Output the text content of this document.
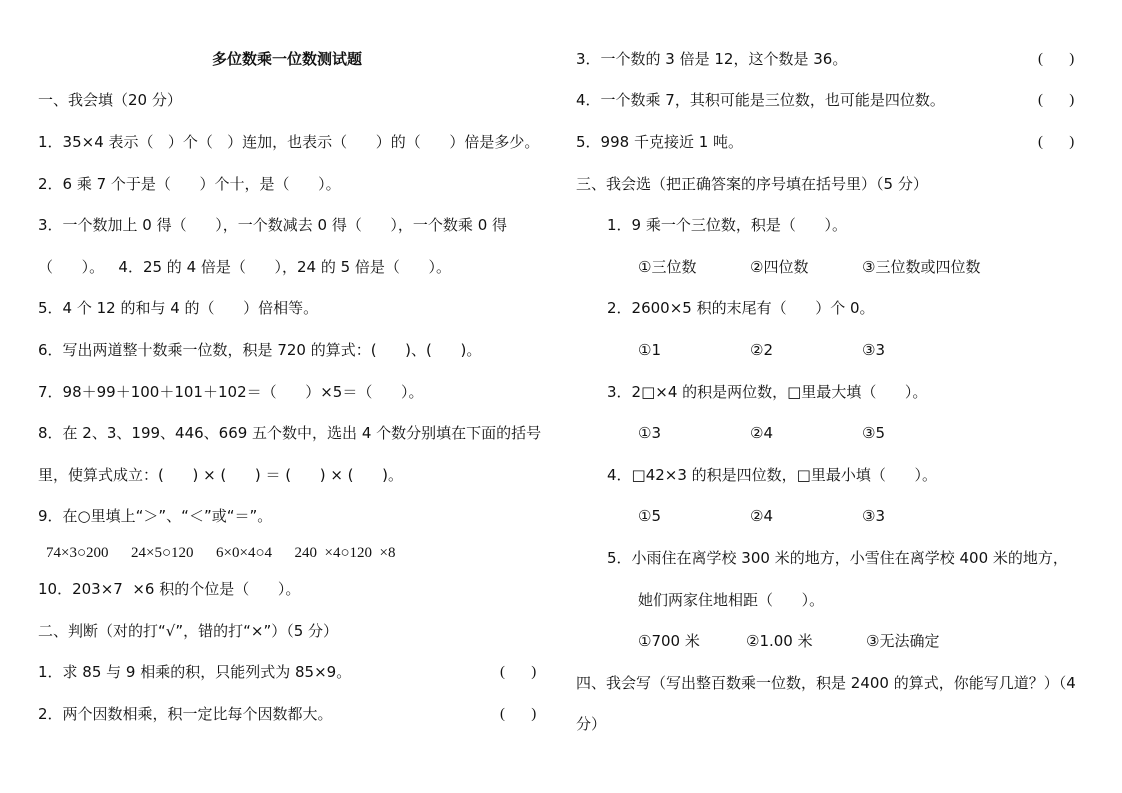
多位数乘一位数测试题
一、我会填（20 分）
1．35×4 表示（   ）个（   ）连加，也表示（      ）的（      ）倍是多少。
2．6 乘 7 个于是（      ）个十，是（      ）。
3．一个数加上 0 得（      ），一个数减去 0 得（      ），一个数乘 0 得
（      ）。   4．25 的 4 倍是（      ），24 的 5 倍是（      ）。
5．4 个 12 的和与 4 的（      ）倍相等。
6．写出两道整十数乘一位数，积是 720 的算式：(      )、(      )。
7．98＋99＋100＋101＋102＝（      ）×5＝（      ）。
8．在 2、3、199、446、669 五个数中，选出 4 个数分别填在下面的括号
里，使算式成立：(      ) × (      ) ＝ (      ) × (      )。
9．在○里填上“＞”、“＜”或“＝”。
74×3○200      24×5○120      6×0×4○4      240  ×4○120  ×8
10．203×7  ×6 积的个位是（      ）。
二、判断（对的打“√”，错的打“×”）（5 分）
1．求 85 与 9 相乘的积，只能列式为 85×9。	(       )
2．两个因数相乘，积一定比每个因数都大。	(       )
3．一个数的 3 倍是 12，这个数是 36。	(       )
4．一个数乘 7，其积可能是三位数，也可能是四位数。	(       )
5．998 千克接近 1 吨。	(       )
三、我会选（把正确答案的序号填在括号里）（5 分）
1．9 乘一个三位数，积是（      ）。
①三位数	②四位数	③三位数或四位数
2．2600×5 积的末尾有（      ）个 0。
①1	②2	③3
3．2□×4 的积是两位数，□里最大填（      ）。
①3	②4	③5
4．□42×3 的积是四位数，□里最小填（      ）。
①5	②4	③3
5．小雨住在离学校 300 米的地方，小雪住在离学校 400 米的地方，
她们两家住地相距（      ）。
①700 米	②1.00 米	③无法确定
四、我会写（写出整百数乘一位数，积是 2400 的算式，你能写几道？）（4
分）
